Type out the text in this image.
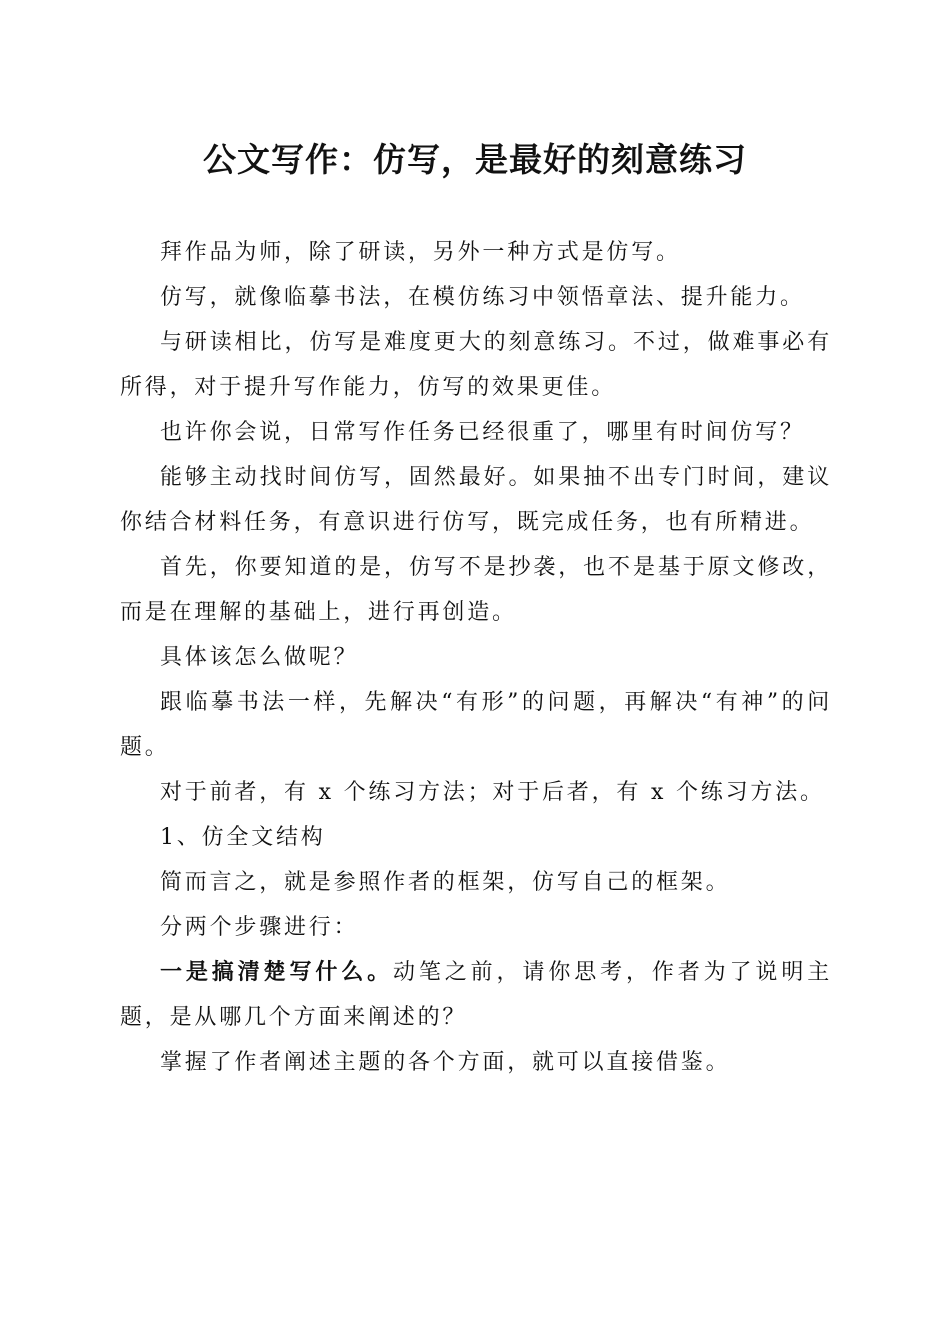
公文写作：仿写，是最好的刻意练习

拜作品为师，除了研读，另外一种方式是仿写。

仿写，就像临摹书法，在模仿练习中领悟章法、提升能力。

与研读相比，仿写是难度更大的刻意练习。不过，做难事必有所得，对于提升写作能力，仿写的效果更佳。

也许你会说，日常写作任务已经很重了，哪里有时间仿写？

能够主动找时间仿写，固然最好。如果抽不出专门时间，建议你结合材料任务，有意识进行仿写，既完成任务，也有所精进。

首先，你要知道的是，仿写不是抄袭，也不是基于原文修改，而是在理解的基础上，进行再创造。

具体该怎么做呢？

跟临摹书法一样，先解决“有形”的问题，再解决“有神”的问题。

对于前者，有 x 个练习方法；对于后者，有 x 个练习方法。

1、仿全文结构

简而言之，就是参照作者的框架，仿写自己的框架。

分两个步骤进行：

一是搞清楚写什么。动笔之前，请你思考，作者为了说明主题，是从哪几个方面来阐述的？

掌握了作者阐述主题的各个方面，就可以直接借鉴。
